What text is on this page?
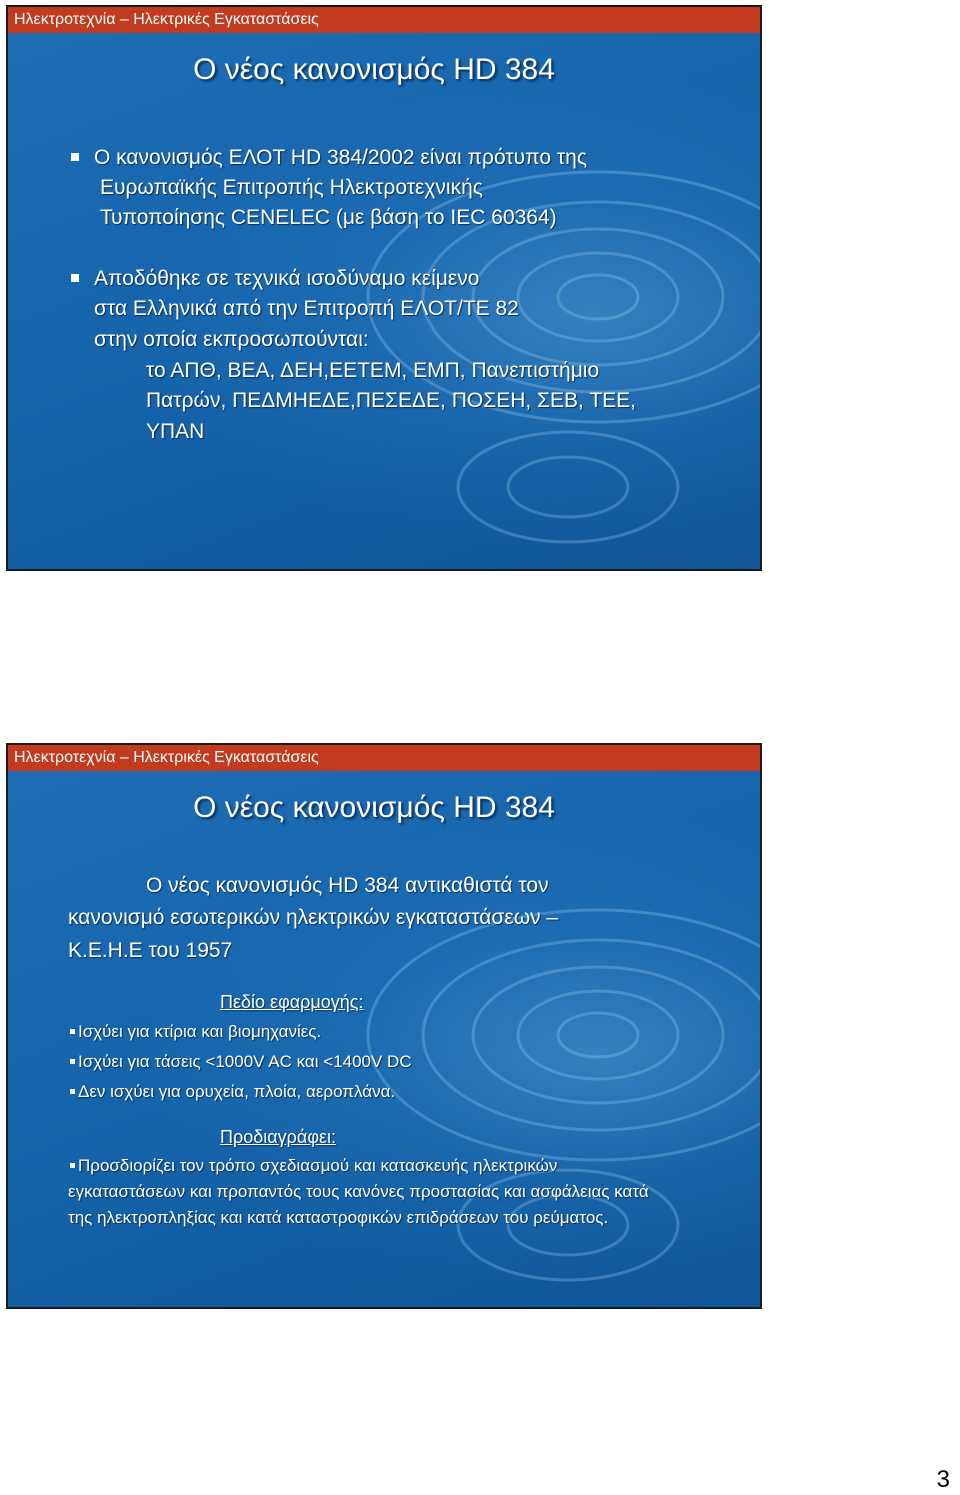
Ηλεκτροτεχνία – Ηλεκτρικές Εγκαταστάσεις
Ο νέος κανονισμός HD 384

Ο κανονισμός ΕΛΟΤ HD 384/2002 είναι πρότυπο της

Ευρωπαϊκής Επιτροπής Ηλεκτροτεχνικής

Τυποποίησης CENELEC (με βάση το IEC 60364)

Αποδόθηκε σε τεχνικά ισοδύναμο κείμενο

στα Ελληνικά από την Επιτροπή ΕΛΟΤ/ΤΕ 82

στην οποία εκπροσωπούνται:

το ΑΠΘ, ΒΕΑ, ΔΕΗ,ΕΕΤΕΜ, ΕΜΠ, Πανεπιστήμιο

Πατρών, ΠΕΔΜΗΕΔΕ,ΠΕΣΕΔΕ, ΠΟΣΕΗ, ΣΕΒ, ΤΕΕ,

ΥΠΑΝ

Ηλεκτροτεχνία – Ηλεκτρικές Εγκαταστάσεις
Ο νέος κανονισμός HD 384

Ο νέος κανονισμός HD 384 αντικαθιστά τον

κανονισμό εσωτερικών ηλεκτρικών εγκαταστάσεων –

Κ.Ε.Η.Ε του 1957

Πεδίο εφαρμογής:

Ισχύει για κτίρια και βιομηχανίες.

Ισχύει για τάσεις <1000V AC και <1400V DC

Δεν ισχύει για ορυχεία, πλοία, αεροπλάνα.

Προδιαγράφει:

Προσδιορίζει τον τρόπο σχεδιασμού και κατασκευής ηλεκτρικών

εγκαταστάσεων και προπαντός τους κανόνες προστασίας και ασφάλειας κατά

της ηλεκτροπληξίας και κατά καταστροφικών επιδράσεων του ρεύματος.

3
